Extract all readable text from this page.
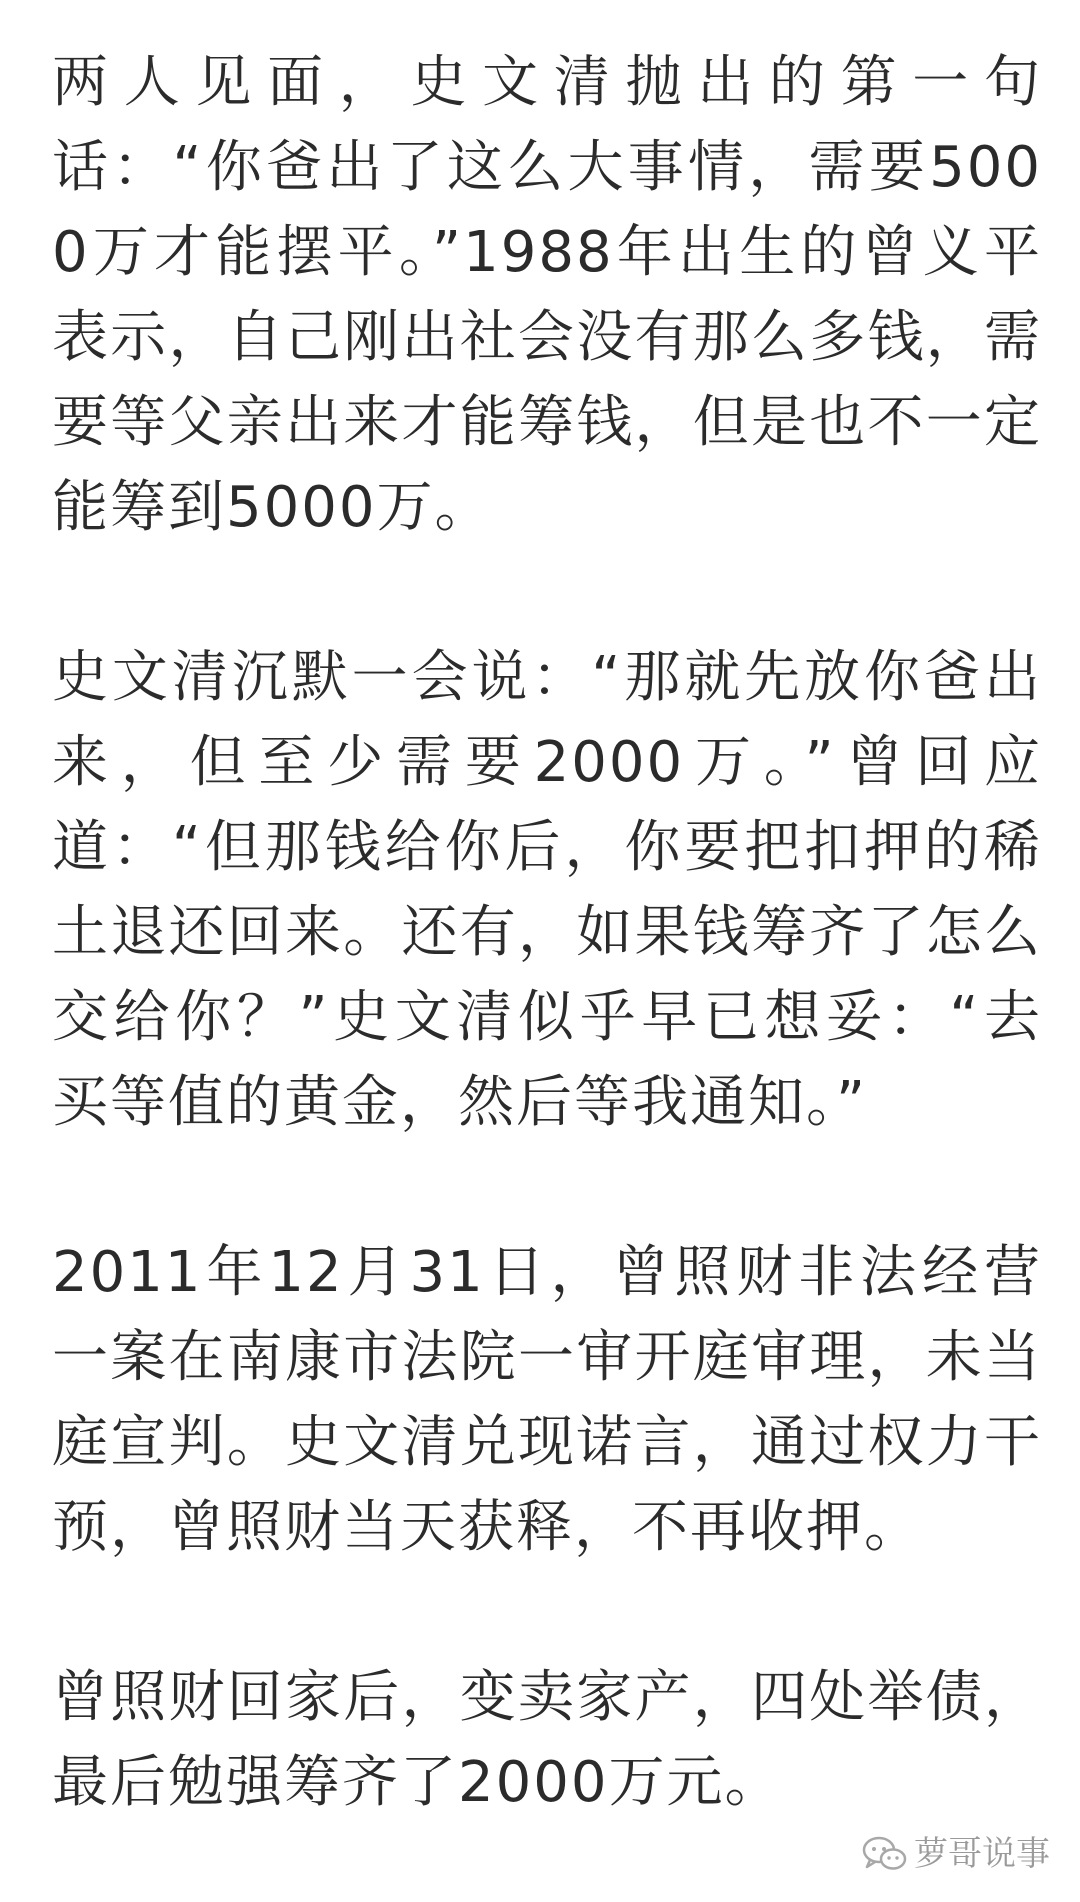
两人见面，史文清抛出的第一句话：“你爸出了这么大事情，需要5000万才能摆平。”1988年出生的曾义平表示，自己刚出社会没有那么多钱，需要等父亲出来才能筹钱，但是也不一定能筹到5000万。

史文清沉默一会说：“那就先放你爸出来，但至少需要2000万。”曾回应道：“但那钱给你后，你要把扣押的稀土退还回来。还有，如果钱筹齐了怎么交给你？”史文清似乎早已想妥：“去买等值的黄金，然后等我通知。”

2011年12月31日，曾照财非法经营一案在南康市法院一审开庭审理，未当庭宣判。史文清兑现诺言，通过权力干预，曾照财当天获释，不再收押。

曾照财回家后，变卖家产，四处举债，最后勉强筹齐了2000万元。

萝哥说事
